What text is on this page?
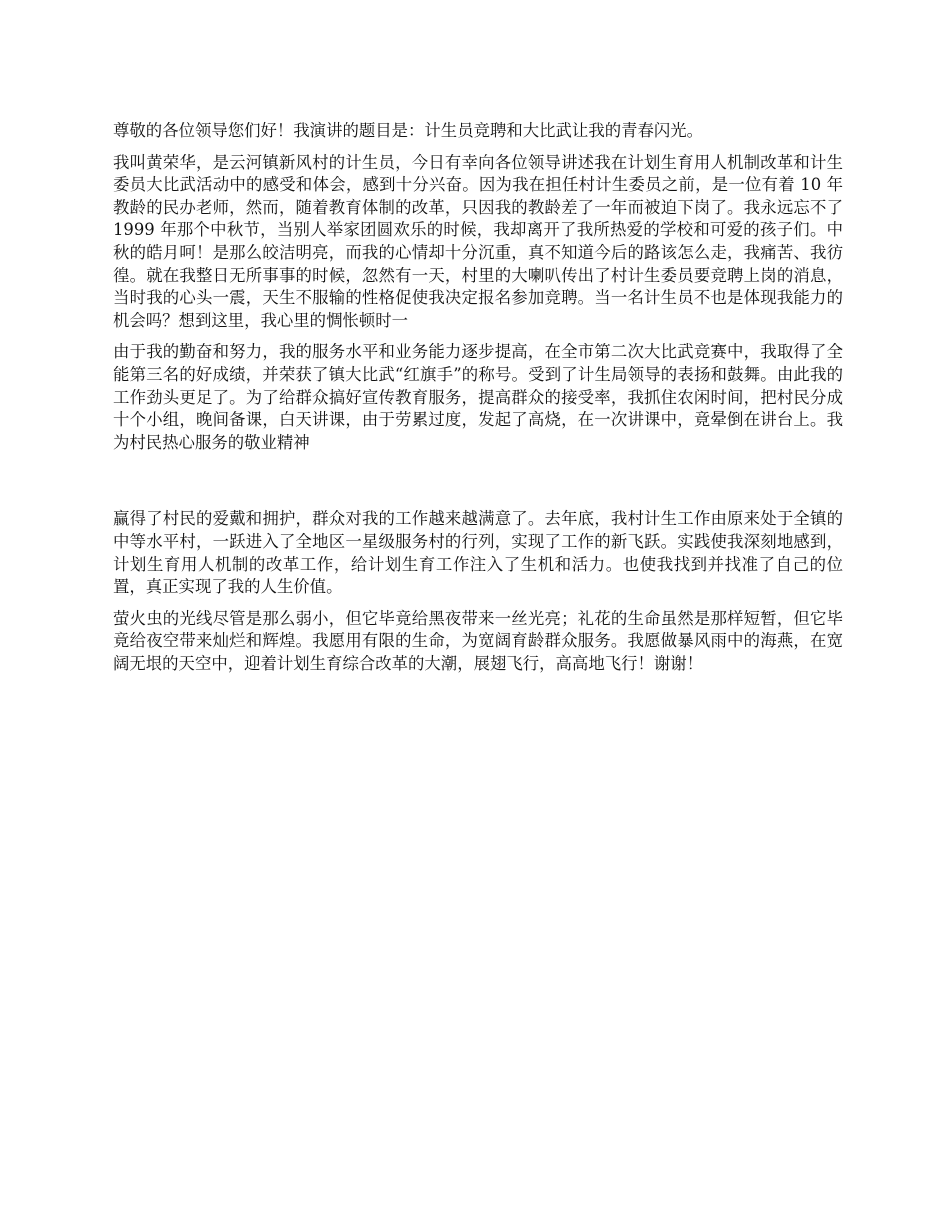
尊敬的各位领导您们好！我演讲的题目是：计生员竞聘和大比武让我的青春闪光。

我叫黄荣华，是云河镇新风村的计生员，今日有幸向各位领导讲述我在计划生育用人机制改革和计生委员大比武活动中的感受和体会，感到十分兴奋。因为我在担任村计生委员之前，是一位有着 10 年教龄的民办老师，然而，随着教育体制的改革，只因我的教龄差了一年而被迫下岗了。我永远忘不了 1999 年那个中秋节，当别人举家团圆欢乐的时候，我却离开了我所热爱的学校和可爱的孩子们。中秋的皓月呵！是那么皎洁明亮，而我的心情却十分沉重，真不知道今后的路该怎么走，我痛苦、我彷徨。就在我整日无所事事的时候，忽然有一天，村里的大喇叭传出了村计生委员要竞聘上岗的消息，当时我的心头一震，天生不服输的性格促使我决定报名参加竞聘。当一名计生员不也是体现我能力的机会吗？想到这里，我心里的惆怅顿时一

由于我的勤奋和努力，我的服务水平和业务能力逐步提高，在全市第二次大比武竞赛中，我取得了全能第三名的好成绩，并荣获了镇大比武“红旗手”的称号。受到了计生局领导的表扬和鼓舞。由此我的工作劲头更足了。为了给群众搞好宣传教育服务，提高群众的接受率，我抓住农闲时间，把村民分成十个小组，晚间备课，白天讲课，由于劳累过度，发起了高烧，在一次讲课中，竟晕倒在讲台上。我为村民热心服务的敬业精神

赢得了村民的爱戴和拥护，群众对我的工作越来越满意了。去年底，我村计生工作由原来处于全镇的中等水平村，一跃进入了全地区一星级服务村的行列，实现了工作的新飞跃。实践使我深刻地感到，计划生育用人机制的改革工作，给计划生育工作注入了生机和活力。也使我找到并找准了自己的位置，真正实现了我的人生价值。

萤火虫的光线尽管是那么弱小，但它毕竟给黑夜带来一丝光亮；礼花的生命虽然是那样短暂，但它毕竟给夜空带来灿烂和辉煌。我愿用有限的生命，为宽阔育龄群众服务。我愿做暴风雨中的海燕，在宽阔无垠的天空中，迎着计划生育综合改革的大潮，展翅飞行，高高地飞行！谢谢！
